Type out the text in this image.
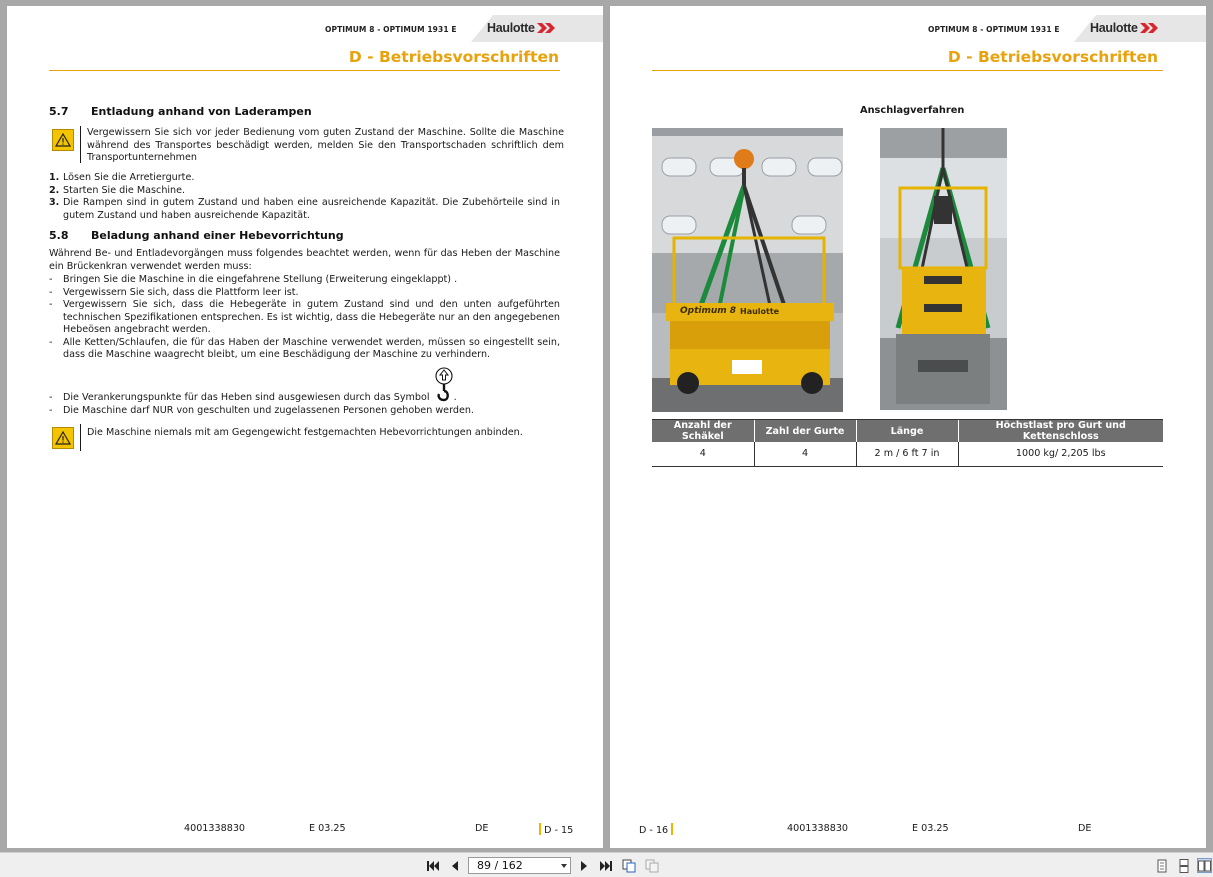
OPTIMUM 8 - OPTIMUM 1931 E Haulotte
D - Betriebsvorschriften
5.7 Entladung anhand von Laderampen
Vergewissern Sie sich vor jeder Bedienung vom guten Zustand der Maschine. Sollte die Maschine während des Transportes beschädigt werden, melden Sie den Transportschaden schriftlich dem Transportunternehmen
1. Lösen Sie die Arretiergurte.
2. Starten Sie die Maschine.
3. Die Rampen sind in gutem Zustand und haben eine ausreichende Kapazität. Die Zubehörteile sind in gutem Zustand und haben ausreichende Kapazität.
5.8 Beladung anhand einer Hebevorrichtung
Während Be- und Entladevorgängen muss folgendes beachtet werden, wenn für das Heben der Maschine ein Brückenkran verwendet werden muss:
-	Bringen Sie die Maschine in die eingefahrene Stellung (Erweiterung eingeklappt) .
-	Vergewissern Sie sich, dass die Plattform leer ist.
-	Vergewissern Sie sich, dass die Hebegeräte in gutem Zustand sind und den unten aufgeführten technischen Spezifikationen entsprechen. Es ist wichtig, dass die Hebegeräte nur an den angegebenen Hebeösen angebracht werden.
-	Alle Ketten/Schlaufen, die für das Haben der Maschine verwendet werden, müssen so eingestellt sein, dass die Maschine waagrecht bleibt, um eine Beschädigung der Maschine zu verhindern.
-	Die Verankerungspunkte für das Heben sind ausgewiesen durch das Symbol	.
-	Die Maschine darf NUR von geschulten und zugelassenen Personen gehoben werden.
Die Maschine niemals mit am Gegengewicht festgemachten Hebevorrichtungen anbinden.
4001338830	E 03.25	DE	D - 15
OPTIMUM 8 - OPTIMUM 1931 E Haulotte
D - Betriebsvorschriften
Anschlagverfahren
Optimum 8 Haulotte
Anzahl der Schäkel	Zahl der Gurte	Länge	Höchstlast pro Gurt und Kettenschloss
4	4	2 m / 6 ft 7 in	1000 kg/ 2,205 lbs
D - 16	4001338830	E 03.25	DE
89 / 162
